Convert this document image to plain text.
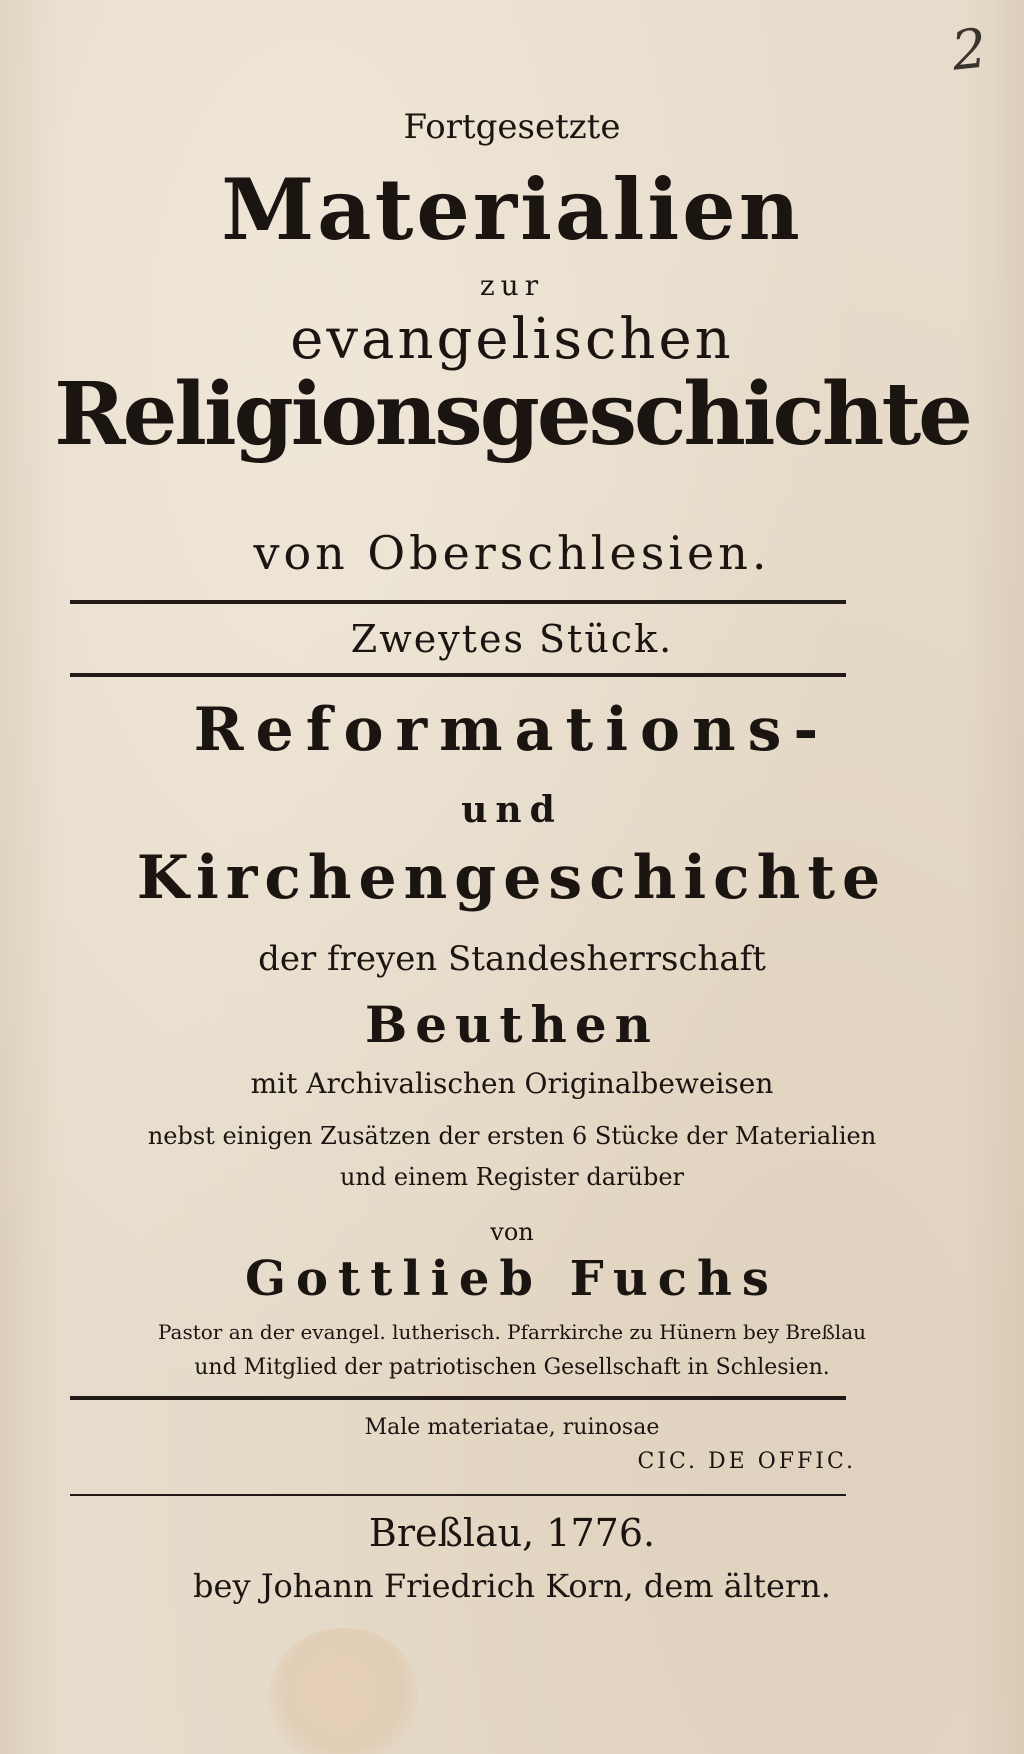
2
Fortgesetzte
Materialien
zur
evangelischen
Religionsgeschichte
von Oberschlesien.
Zweytes Stück.
Reformations-
und
Kirchengeschichte
der freyen Standesherrschaft
Beuthen
mit Archivalischen Originalbeweisen
nebst einigen Zusätzen der ersten 6 Stücke der Materialien
und einem Register darüber
von
Gottlieb Fuchs
Pastor an der evangel. lutherisch. Pfarrkirche zu Hünern bey Breßlau
und Mitglied der patriotischen Gesellschaft in Schlesien.
Male materiatae, ruinosae
CIC. DE OFFIC.
Breßlau, 1776.
bey Johann Friedrich Korn, dem ältern.
